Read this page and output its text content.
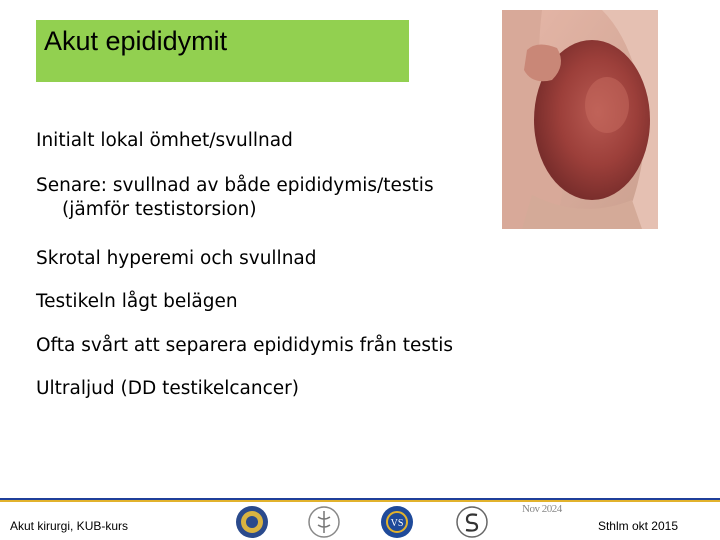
Akut epididymit
Initialt lokal ömhet/svullnad
Senare: svullnad av både epididymis/testis
(jämför testistorsion)
Skrotal hyperemi och svullnad
Testikeln lågt belägen
Ofta svårt att separera epididymis från testis
Ultraljud (DD testikelcancer)
Nov 2024
Akut kirurgi, KUB-kurs	Sthlm okt 2015
VS
